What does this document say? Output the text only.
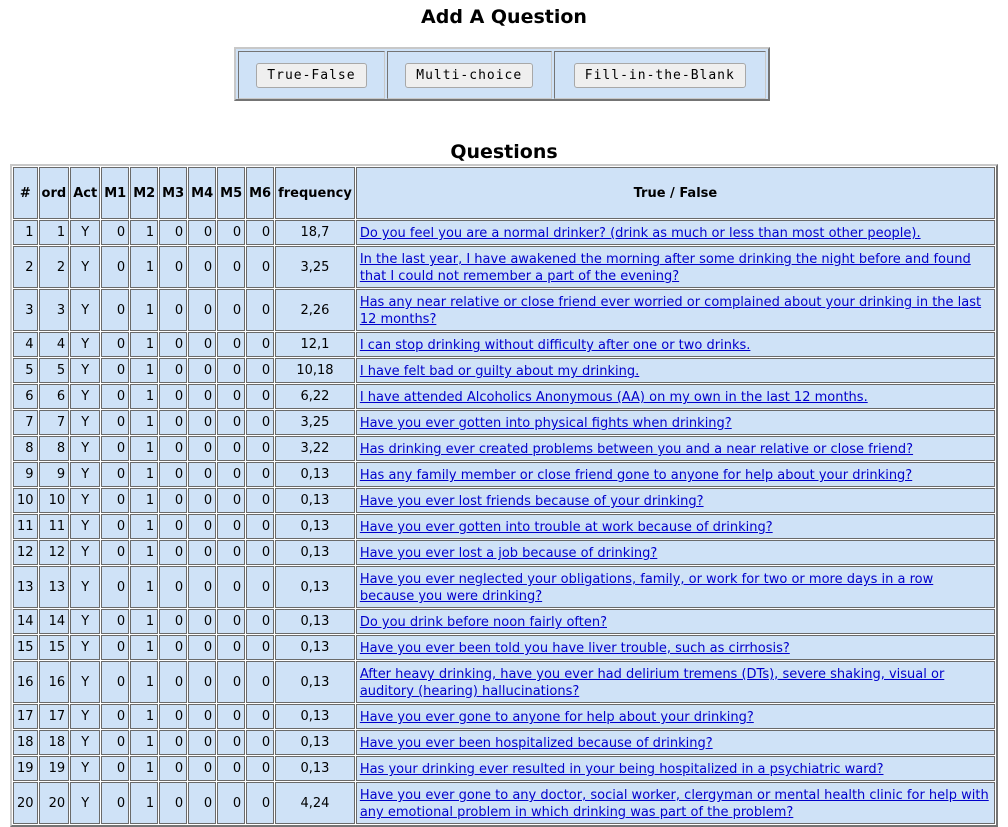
Add A Question
True-False	Multi-choice	Fill-in-the-Blank
Questions
#	ord	Act	M1	M2	M3	M4	M5	M6	frequency	True / False
1	1	Y	0	1	0	0	0	0	18,7	Do you feel you are a normal drinker? (drink as much or less than most other people).
2	2	Y	0	1	0	0	0	0	3,25	In the last year, I have awakened the morning after some drinking the night before and found that I could not remember a part of the evening?
3	3	Y	0	1	0	0	0	0	2,26	Has any near relative or close friend ever worried or complained about your drinking in the last 12 months?
4	4	Y	0	1	0	0	0	0	12,1	I can stop drinking without difficulty after one or two drinks.
5	5	Y	0	1	0	0	0	0	10,18	I have felt bad or guilty about my drinking.
6	6	Y	0	1	0	0	0	0	6,22	I have attended Alcoholics Anonymous (AA) on my own in the last 12 months.
7	7	Y	0	1	0	0	0	0	3,25	Have you ever gotten into physical fights when drinking?
8	8	Y	0	1	0	0	0	0	3,22	Has drinking ever created problems between you and a near relative or close friend?
9	9	Y	0	1	0	0	0	0	0,13	Has any family member or close friend gone to anyone for help about your drinking?
10	10	Y	0	1	0	0	0	0	0,13	Have you ever lost friends because of your drinking?
11	11	Y	0	1	0	0	0	0	0,13	Have you ever gotten into trouble at work because of drinking?
12	12	Y	0	1	0	0	0	0	0,13	Have you ever lost a job because of drinking?
13	13	Y	0	1	0	0	0	0	0,13	Have you ever neglected your obligations, family, or work for two or more days in a row because you were drinking?
14	14	Y	0	1	0	0	0	0	0,13	Do you drink before noon fairly often?
15	15	Y	0	1	0	0	0	0	0,13	Have you ever been told you have liver trouble, such as cirrhosis?
16	16	Y	0	1	0	0	0	0	0,13	After heavy drinking, have you ever had delirium tremens (DTs), severe shaking, visual or auditory (hearing) hallucinations?
17	17	Y	0	1	0	0	0	0	0,13	Have you ever gone to anyone for help about your drinking?
18	18	Y	0	1	0	0	0	0	0,13	Have you ever been hospitalized because of drinking?
19	19	Y	0	1	0	0	0	0	0,13	Has your drinking ever resulted in your being hospitalized in a psychiatric ward?
20	20	Y	0	1	0	0	0	0	4,24	Have you ever gone to any doctor, social worker, clergyman or mental health clinic for help with any emotional problem in which drinking was part of the problem?
